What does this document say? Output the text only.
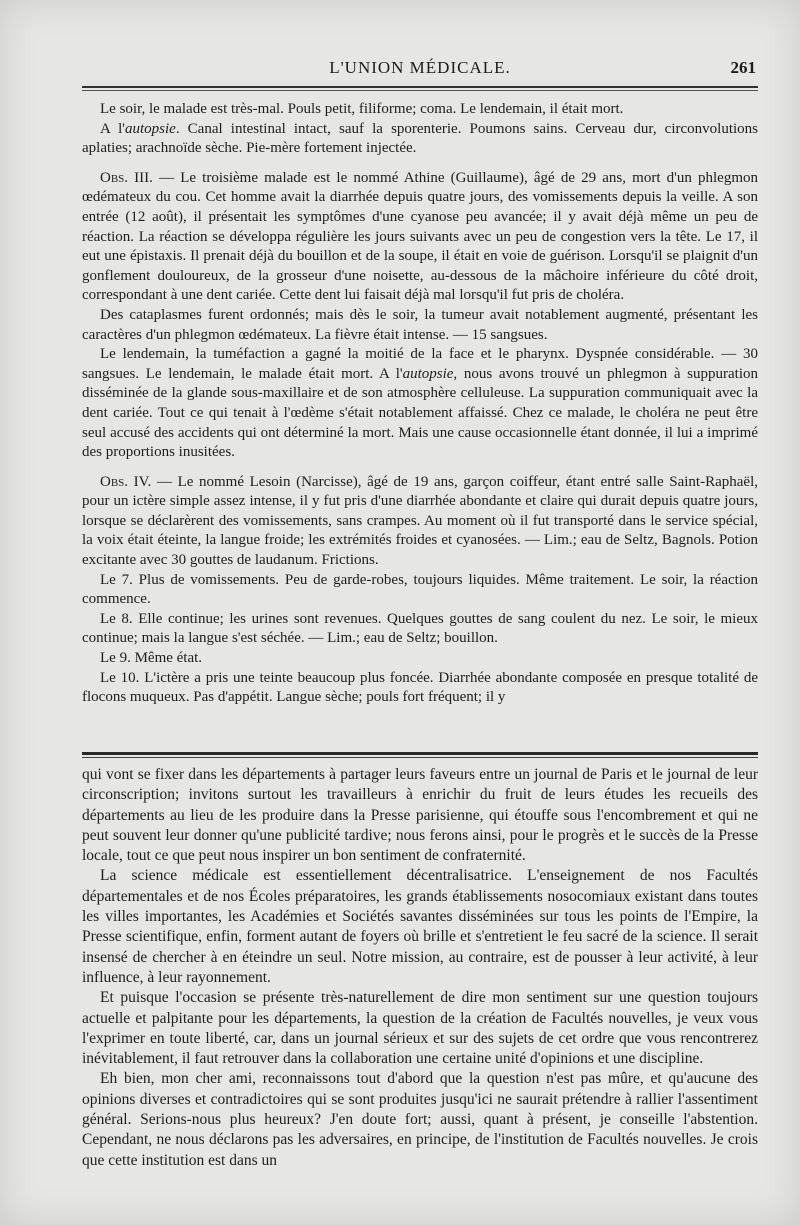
L'UNION MÉDICALE.	261

Le soir, le malade est très-mal. Pouls petit, filiforme; coma. Le lendemain, il était mort.

A l'autopsie. Canal intestinal intact, sauf la sporenterie. Poumons sains. Cerveau dur, circonvolutions aplaties; arachnoïde sèche. Pie-mère fortement injectée.

Obs. III. — Le troisième malade est le nommé Athine (Guillaume), âgé de 29 ans, mort d'un phlegmon œdémateux du cou. Cet homme avait la diarrhée depuis quatre jours, des vomissements depuis la veille. A son entrée (12 août), il présentait les symptômes d'une cyanose peu avancée; il y avait déjà même un peu de réaction. La réaction se développa régulière les jours suivants avec un peu de congestion vers la tête. Le 17, il eut une épistaxis. Il prenait déjà du bouillon et de la soupe, il était en voie de guérison. Lorsqu'il se plaignit d'un gonflement douloureux, de la grosseur d'une noisette, au-dessous de la mâchoire inférieure du côté droit, correspondant à une dent cariée. Cette dent lui faisait déjà mal lorsqu'il fut pris de choléra.

Des cataplasmes furent ordonnés; mais dès le soir, la tumeur avait notablement augmenté, présentant les caractères d'un phlegmon œdémateux. La fièvre était intense. — 15 sangsues.

Le lendemain, la tuméfaction a gagné la moitié de la face et le pharynx. Dyspnée considérable. — 30 sangsues. Le lendemain, le malade était mort. A l'autopsie, nous avons trouvé un phlegmon à suppuration disséminée de la glande sous-maxillaire et de son atmosphère celluleuse. La suppuration communiquait avec la dent cariée. Tout ce qui tenait à l'œdème s'était notablement affaissé. Chez ce malade, le choléra ne peut être seul accusé des accidents qui ont déterminé la mort. Mais une cause occasionnelle étant donnée, il lui a imprimé des proportions inusitées.

Obs. IV. — Le nommé Lesoin (Narcisse), âgé de 19 ans, garçon coiffeur, étant entré salle Saint-Raphaël, pour un ictère simple assez intense, il y fut pris d'une diarrhée abondante et claire qui durait depuis quatre jours, lorsque se déclarèrent des vomissements, sans crampes. Au moment où il fut transporté dans le service spécial, la voix était éteinte, la langue froide; les extrémités froides et cyanosées. — Lim.; eau de Seltz, Bagnols. Potion excitante avec 30 gouttes de laudanum. Frictions.

Le 7. Plus de vomissements. Peu de garde-robes, toujours liquides. Même traitement. Le soir, la réaction commence.

Le 8. Elle continue; les urines sont revenues. Quelques gouttes de sang coulent du nez. Le soir, le mieux continue; mais la langue s'est séchée. — Lim.; eau de Seltz; bouillon.

Le 9. Même état.

Le 10. L'ictère a pris une teinte beaucoup plus foncée. Diarrhée abondante composée en presque totalité de flocons muqueux. Pas d'appétit. Langue sèche; pouls fort fréquent; il y

qui vont se fixer dans les départements à partager leurs faveurs entre un journal de Paris et le journal de leur circonscription; invitons surtout les travailleurs à enrichir du fruit de leurs études les recueils des départements au lieu de les produire dans la Presse parisienne, qui étouffe sous l'encombrement et qui ne peut souvent leur donner qu'une publicité tardive; nous ferons ainsi, pour le progrès et le succès de la Presse locale, tout ce que peut nous inspirer un bon sentiment de confraternité.

La science médicale est essentiellement décentralisatrice. L'enseignement de nos Facultés départementales et de nos Écoles préparatoires, les grands établissements nosocomiaux existant dans toutes les villes importantes, les Académies et Sociétés savantes disséminées sur tous les points de l'Empire, la Presse scientifique, enfin, forment autant de foyers où brille et s'entretient le feu sacré de la science. Il serait insensé de chercher à en éteindre un seul. Notre mission, au contraire, est de pousser à leur activité, à leur influence, à leur rayonnement.

Et puisque l'occasion se présente très-naturellement de dire mon sentiment sur une question toujours actuelle et palpitante pour les départements, la question de la création de Facultés nouvelles, je veux vous l'exprimer en toute liberté, car, dans un journal sérieux et sur des sujets de cet ordre que vous rencontrerez inévitablement, il faut retrouver dans la collaboration une certaine unité d'opinions et une discipline.

Eh bien, mon cher ami, reconnaissons tout d'abord que la question n'est pas mûre, et qu'aucune des opinions diverses et contradictoires qui se sont produites jusqu'ici ne saurait prétendre à rallier l'assentiment général. Serions-nous plus heureux? J'en doute fort; aussi, quant à présent, je conseille l'abstention. Cependant, ne nous déclarons pas les adversaires, en principe, de l'institution de Facultés nouvelles. Je crois que cette institution est dans un
